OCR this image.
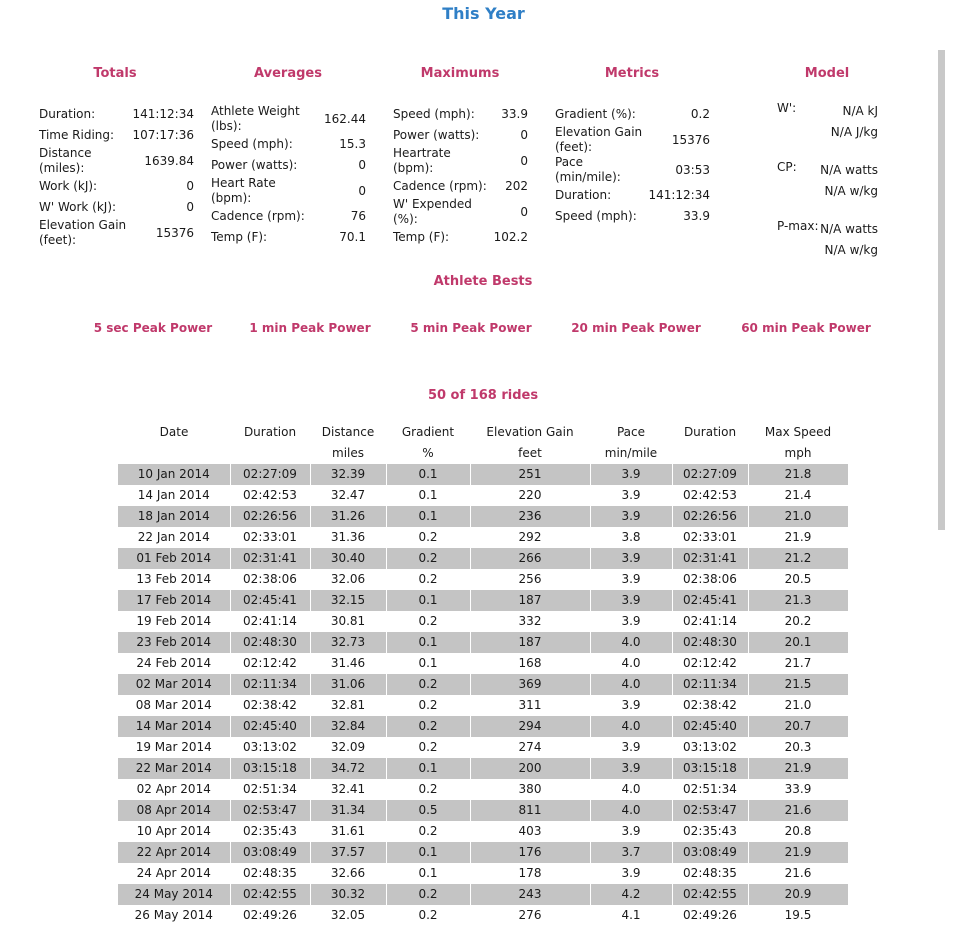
This Year
Totals	Averages	Maximums	Metrics	Model
Duration:	141:12:34
Time Riding:	107:17:36
Distance (miles):	1639.84
Work (kJ):	0
W' Work (kJ):	0
Elevation Gain (feet):	15376
Athlete Weight (lbs):	162.44
Speed (mph):	15.3
Power (watts):	0
Heart Rate (bpm):	0
Cadence (rpm):	76
Temp (F):	70.1
Speed (mph):	33.9
Power (watts):	0
Heartrate (bpm):	0
Cadence (rpm):	202
W' Expended (%):	0
Temp (F):	102.2
Gradient (%):	0.2
Elevation Gain (feet):	15376
Pace (min/mile):	03:53
Duration:	141:12:34
Speed (mph):	33.9
W':	N/A kJ
N/A J/kg
CP: N/A watts
N/A w/kg
P-max: N/A watts
N/A w/kg
Athlete Bests
5 sec Peak Power	1 min Peak Power	5 min Peak Power	20 min Peak Power	60 min Peak Power
50 of 168 rides
Date	Duration	Distance	Gradient	Elevation Gain	Pace	Duration	Max Speed
		miles	%	feet	min/mile		mph
10 Jan 2014	02:27:09	32.39	0.1	251	3.9	02:27:09	21.8
14 Jan 2014	02:42:53	32.47	0.1	220	3.9	02:42:53	21.4
18 Jan 2014	02:26:56	31.26	0.1	236	3.9	02:26:56	21.0
22 Jan 2014	02:33:01	31.36	0.2	292	3.8	02:33:01	21.9
01 Feb 2014	02:31:41	30.40	0.2	266	3.9	02:31:41	21.2
13 Feb 2014	02:38:06	32.06	0.2	256	3.9	02:38:06	20.5
17 Feb 2014	02:45:41	32.15	0.1	187	3.9	02:45:41	21.3
19 Feb 2014	02:41:14	30.81	0.2	332	3.9	02:41:14	20.2
23 Feb 2014	02:48:30	32.73	0.1	187	4.0	02:48:30	20.1
24 Feb 2014	02:12:42	31.46	0.1	168	4.0	02:12:42	21.7
02 Mar 2014	02:11:34	31.06	0.2	369	4.0	02:11:34	21.5
08 Mar 2014	02:38:42	32.81	0.2	311	3.9	02:38:42	21.0
14 Mar 2014	02:45:40	32.84	0.2	294	4.0	02:45:40	20.7
19 Mar 2014	03:13:02	32.09	0.2	274	3.9	03:13:02	20.3
22 Mar 2014	03:15:18	34.72	0.1	200	3.9	03:15:18	21.9
02 Apr 2014	02:51:34	32.41	0.2	380	4.0	02:51:34	33.9
08 Apr 2014	02:53:47	31.34	0.5	811	4.0	02:53:47	21.6
10 Apr 2014	02:35:43	31.61	0.2	403	3.9	02:35:43	20.8
22 Apr 2014	03:08:49	37.57	0.1	176	3.7	03:08:49	21.9
24 Apr 2014	02:48:35	32.66	0.1	178	3.9	02:48:35	21.6
24 May 2014	02:42:55	30.32	0.2	243	4.2	02:42:55	20.9
26 May 2014	02:49:26	32.05	0.2	276	4.1	02:49:26	19.5
